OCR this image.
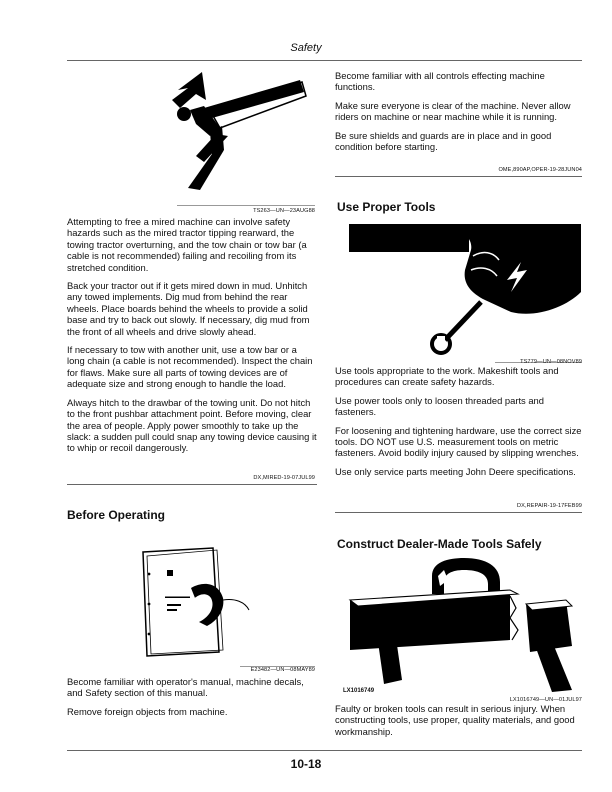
Safety
TS263—UN—23AUG88

Attempting to free a mired machine can involve safety hazards such as the mired tractor tipping rearward, the towing tractor overturning, and the tow chain or tow bar (a cable is not recommended) failing and recoiling from its stretched condition.

Back your tractor out if it gets mired down in mud. Unhitch any towed implements. Dig mud from behind the rear wheels. Place boards behind the wheels to provide a solid base and try to back out slowly. If necessary, dig mud from the front of all wheels and drive slowly ahead.

If necessary to tow with another unit, use a tow bar or a long chain (a cable is not recommended). Inspect the chain for flaws. Make sure all parts of towing devices are of adequate size and strong enough to handle the load.

Always hitch to the drawbar of the towing unit. Do not hitch to the front pushbar attachment point. Before moving, clear the area of people. Apply power smoothly to take up the slack: a sudden pull could snap any towing device causing it to whip or recoil dangerously.

DX,MIRED-19-07JUL99
Before Operating
▬▬▬▬▬
E23482—UN—08MAY89

Become familiar with operator's manual, machine decals, and Safety section of this manual.

Remove foreign objects from machine.

Become familiar with all controls effecting machine functions.

Make sure everyone is clear of the machine. Never allow riders on machine or near machine while it is running.

Be sure shields and guards are in place and in good condition before starting.

OME,890AP,OPER-19-28JUN04
Use Proper Tools
TS779—UN—08NOV89

Use tools appropriate to the work. Makeshift tools and procedures can create safety hazards.

Use power tools only to loosen threaded parts and fasteners.

For loosening and tightening hardware, use the correct size tools. DO NOT use U.S. measurement tools on metric fasteners. Avoid bodily injury caused by slipping wrenches.

Use only service parts meeting John Deere specifications.

DX,REPAIR-19-17FEB99
Construct Dealer-Made Tools Safely
LX1016749
LX1016749—UN—01JUL97

Faulty or broken tools can result in serious injury. When constructing tools, use proper, quality materials, and good workmanship.

10-18
